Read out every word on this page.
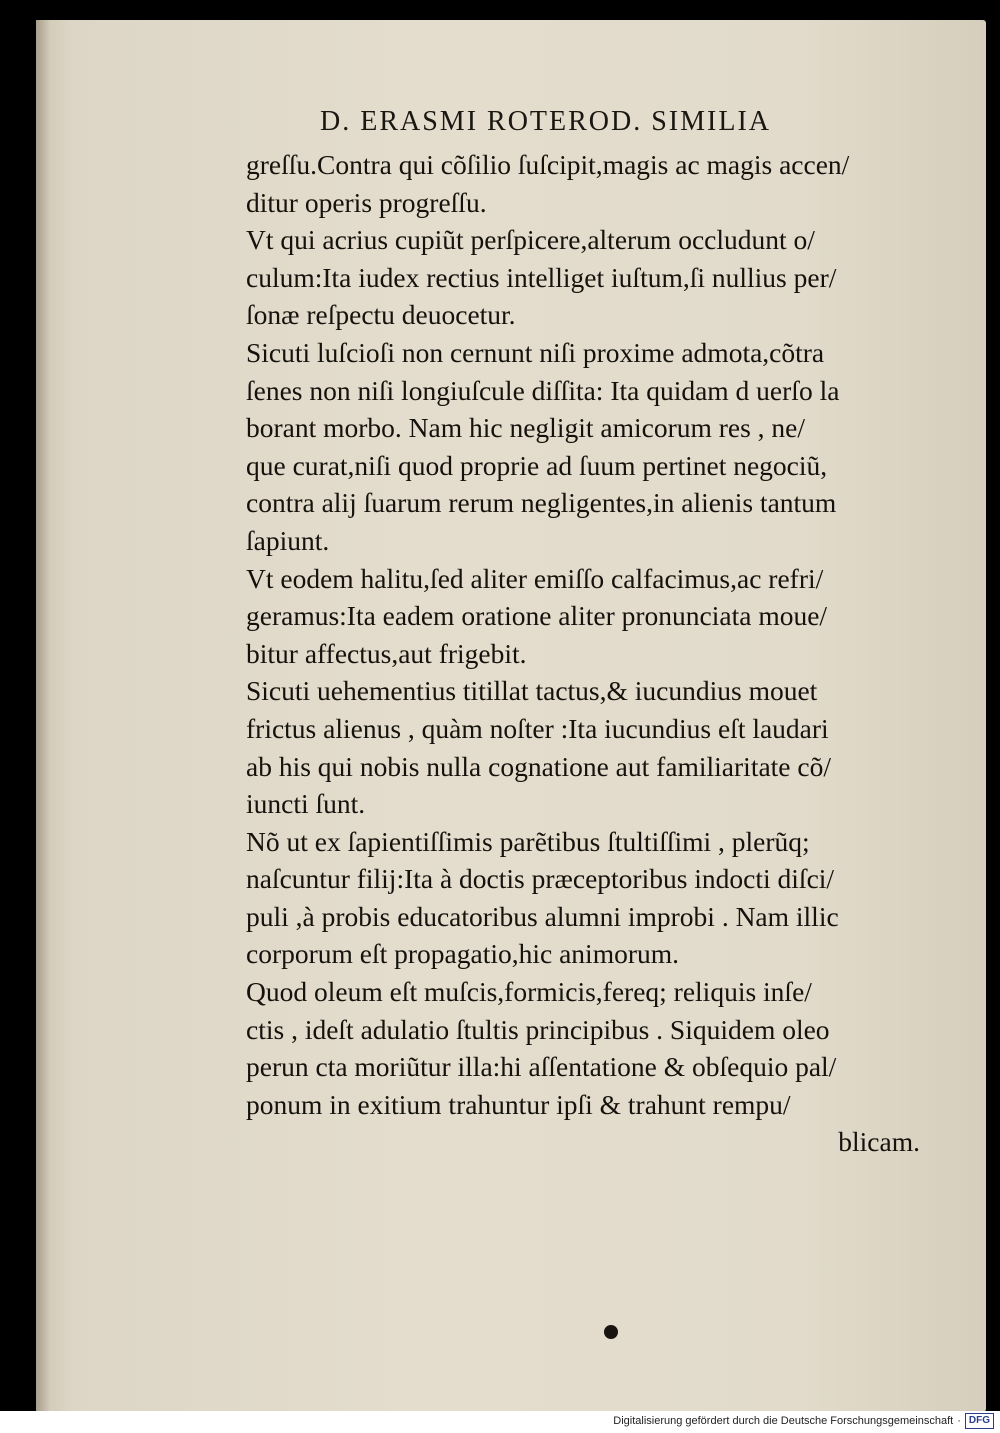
D. ERASMI ROTEROD. SIMILIA
greſſu.Contra qui cõſilio ſuſcipit,magis ac magis accen/
ditur operis progreſſu.
Vt qui acrius cupiũt perſpicere,alterum occludunt o/
culum:Ita iudex rectius intelliget iuſtum,ſi nullius per/
ſonæ reſpectu deuocetur.
Sicuti luſcioſi non cernunt niſi proxime admota,cõtra
ſenes non niſi longiuſcule diſſita: Ita quidam d uerſo la
borant morbo. Nam hic negligit amicorum res , ne/
que curat,niſi quod proprie ad ſuum pertinet negociũ,
contra alij ſuarum rerum negligentes,in alienis tantum
ſapiunt.
Vt eodem halitu,ſed aliter emiſſo calfacimus,ac refri/
geramus:Ita eadem oratione aliter pronunciata moue/
bitur affectus,aut frigebit.
Sicuti uehementius titillat tactus,& iucundius mouet
frictus alienus , quàm noſter :Ita iucundius eſt laudari
ab his qui nobis nulla cognatione aut familiaritate cõ/
iuncti ſunt.
Nõ ut ex ſapientiſſimis parẽtibus ſtultiſſimi , plerũq;
naſcuntur filij:Ita à doctis præceptoribus indocti diſci/
puli ,à probis educatoribus alumni improbi . Nam illic
corporum eſt propagatio,hic animorum.
Quod oleum eſt muſcis,formicis,fereq; reliquis inſe/
ctis , ideſt adulatio ſtultis principibus . Siquidem oleo
perun cta moriũtur illa:hi aſſentatione & obſequio pal/
ponum in exitium trahuntur ipſi & trahunt rempu/
blicam.
Digitalisierung gefördert durch die Deutsche Forschungsgemeinschaft · DFG
